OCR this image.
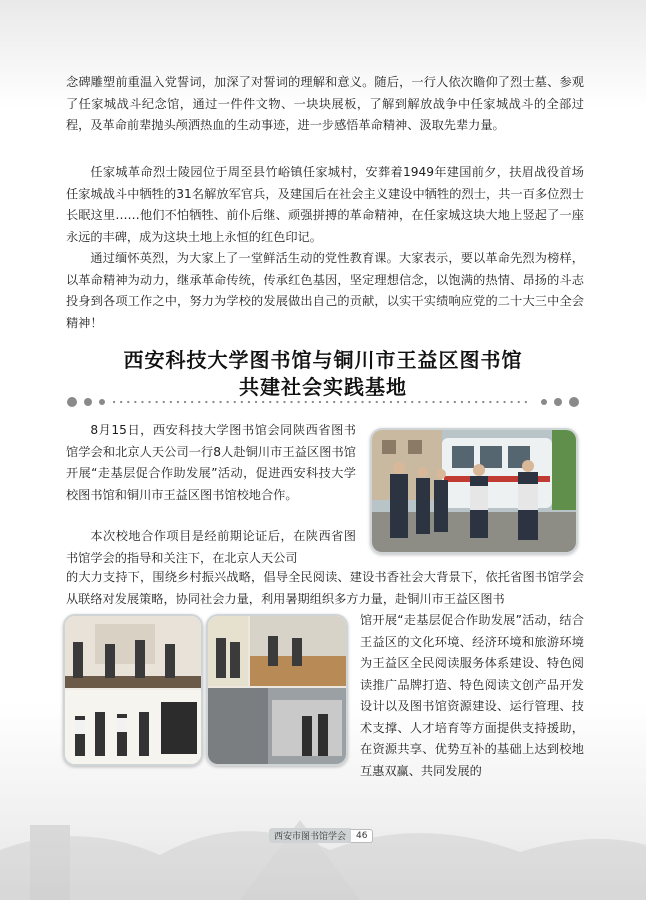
念碑雕塑前重温入党誓词，加深了对誓词的理解和意义。随后，一行人依次瞻仰了烈士墓、参观了任家城战斗纪念馆，通过一件件文物、一块块展板，了解到解放战争中任家城战斗的全部过程，及革命前辈抛头颅洒热血的生动事迹，进一步感悟革命精神、汲取先辈力量。

任家城革命烈士陵园位于周至县竹峪镇任家城村，安葬着1949年建国前夕，扶眉战役首场任家城战斗中牺牲的31名解放军官兵，及建国后在社会主义建设中牺牲的烈士，共一百多位烈士长眠这里……他们不怕牺牲、前仆后继、顽强拼搏的革命精神，在任家城这块大地上竖起了一座永远的丰碑，成为这块土地上永恒的红色印记。

通过缅怀英烈，为大家上了一堂鲜活生动的党性教育课。大家表示，要以革命先烈为榜样，以革命精神为动力，继承革命传统，传承红色基因，坚定理想信念，以饱满的热情、昂扬的斗志投身到各项工作之中，努力为学校的发展做出自己的贡献，以实干实绩响应党的二十大三中全会精神！

西安科技大学图书馆与铜川市王益区图书馆
共建社会实践基地

8月15日，西安科技大学图书馆会同陕西省图书馆学会和北京人天公司一行8人赴铜川市王益区图书馆开展“走基层促合作助发展”活动，促进西安科技大学校图书馆和铜川市王益区图书馆校地合作。

本次校地合作项目是经前期论证后，在陕西省图书馆学会的指导和关注下，在北京人天公司

的大力支持下，围绕乡村振兴战略，倡导全民阅读、建设书香社会大背景下，依托省图书馆学会从联络对发展策略，协同社会力量，利用暑期组织多方力量，赴铜川市王益区图书

馆开展“走基层促合作助发展”活动，结合王益区的文化环境、经济环境和旅游环境为王益区全民阅读服务体系建设、特色阅读推广品牌打造、特色阅读文创产品开发设计以及图书馆资源建设、运行管理、技术支撑、人才培育等方面提供支持援助，在资源共享、优势互补的基础上达到校地互惠双赢、共同发展的

西安市图书馆学会	46
